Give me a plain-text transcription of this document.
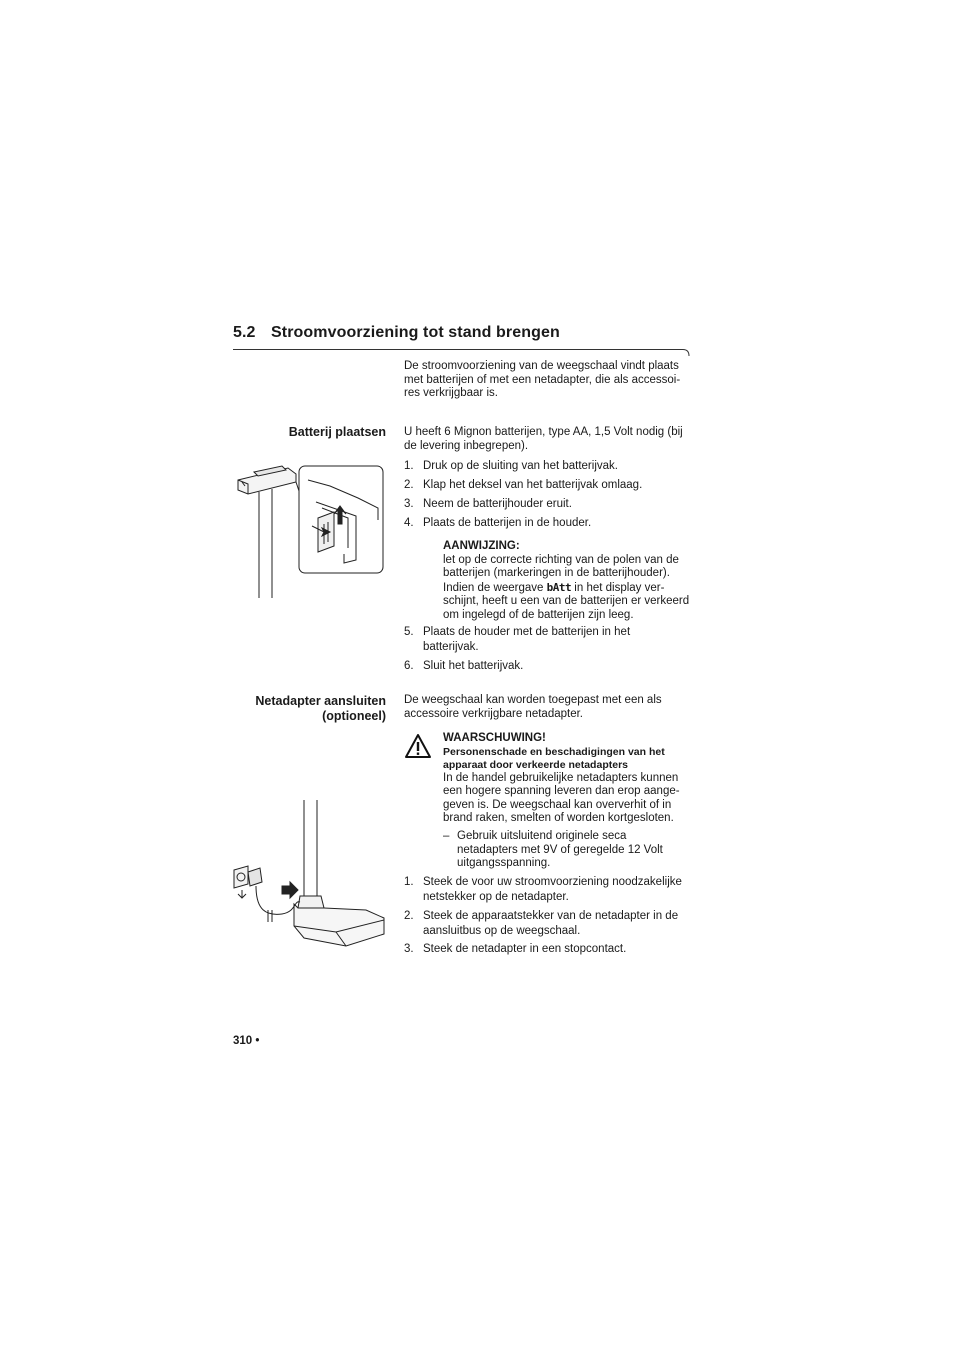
5.2 Stroomvoorziening tot stand brengen
De stroomvoorziening van de weegschaal vindt plaats met batterijen of met een netadapter, die als accessoi-res verkrijgbaar is.
Batterij plaatsen U heeft 6 Mignon batterijen, type AA, 1,5 Volt nodig (bij de levering inbegrepen).
1. Druk op de sluiting van het batterijvak.
2. Klap het deksel van het batterijvak omlaag.
3. Neem de batterijhouder eruit.
4. Plaats de batterijen in de houder.
AANWIJZING:
let op de correcte richting van de polen van de
batterijen (markeringen in de batterijhouder).
Indien de weergave bAtt in het display ver-
schijnt, heeft u een van de batterijen er verkeerd
om ingelegd of de batterijen zijn leeg.
5. Plaats de houder met de batterijen in het batterijvak.
6. Sluit het batterijvak.
Netadapter aansluiten
(optioneel)
De weegschaal kan worden toegepast met een als accessoire verkrijgbare netadapter.
WAARSCHUWING!
Personenschade en beschadigingen van het apparaat door verkeerde netadapters
In de handel gebruikelijke netadapters kunnen een hogere spanning leveren dan erop aange-geven is. De weegschaal kan oververhit of in brand raken, smelten of worden kortgesloten.
– Gebruik uitsluitend originele seca netadapters met 9V of geregelde 12 Volt uitgangsspanning.
1. Steek de voor uw stroomvoorziening noodzakelijke netstekker op de netadapter.
2. Steek de apparaatstekker van de netadapter in de aansluitbus op de weegschaal.
3. Steek de netadapter in een stopcontact.
310 •
